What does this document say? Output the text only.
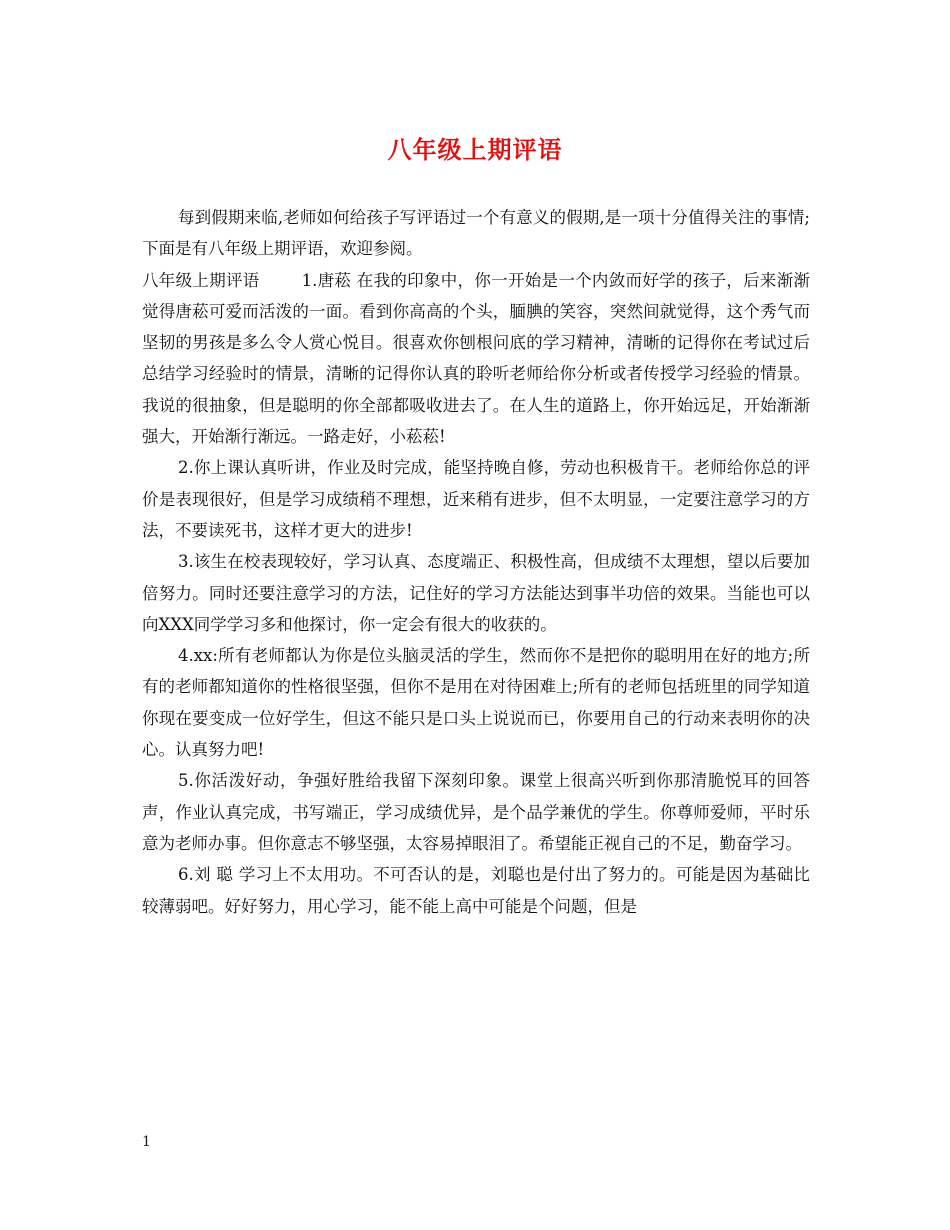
八年级上期评语

每到假期来临,老师如何给孩子写评语过一个有意义的假期,是一项十分值得关注的事情;下面是有八年级上期评语，欢迎参阅。

八年级上期评语	1.唐菘 在我的印象中，你一开始是一个内敛而好学的孩子，后来渐渐觉得唐菘可爱而活泼的一面。看到你高高的个头，腼腆的笑容，突然间就觉得，这个秀气而坚韧的男孩是多么令人赏心悦目。很喜欢你刨根问底的学习精神，清晰的记得你在考试过后总结学习经验时的情景，清晰的记得你认真的聆听老师给你分析或者传授学习经验的情景。我说的很抽象，但是聪明的你全部都吸收进去了。在人生的道路上，你开始远足，开始渐渐强大，开始渐行渐远。一路走好，小菘菘!

2.你上课认真听讲，作业及时完成，能坚持晚自修，劳动也积极肯干。老师给你总的评价是表现很好，但是学习成绩稍不理想，近来稍有进步，但不太明显，一定要注意学习的方法，不要读死书，这样才更大的进步!

3.该生在校表现较好，学习认真、态度端正、积极性高，但成绩不太理想，望以后要加倍努力。同时还要注意学习的方法，记住好的学习方法能达到事半功倍的效果。当能也可以向XXX同学学习多和他探讨，你一定会有很大的收获的。

4.xx:所有老师都认为你是位头脑灵活的学生，然而你不是把你的聪明用在好的地方;所有的老师都知道你的性格很坚强，但你不是用在对待困难上;所有的老师包括班里的同学知道你现在要变成一位好学生，但这不能只是口头上说说而已，你要用自己的行动来表明你的决心。认真努力吧!

5.你活泼好动，争强好胜给我留下深刻印象。课堂上很高兴听到你那清脆悦耳的回答声，作业认真完成，书写端正，学习成绩优异，是个品学兼优的学生。你尊师爱师，平时乐意为老师办事。但你意志不够坚强，太容易掉眼泪了。希望能正视自己的不足，勤奋学习。

6.刘 聪 学习上不太用功。不可否认的是，刘聪也是付出了努力的。可能是因为基础比较薄弱吧。好好努力，用心学习，能不能上高中可能是个问题，但是

1
